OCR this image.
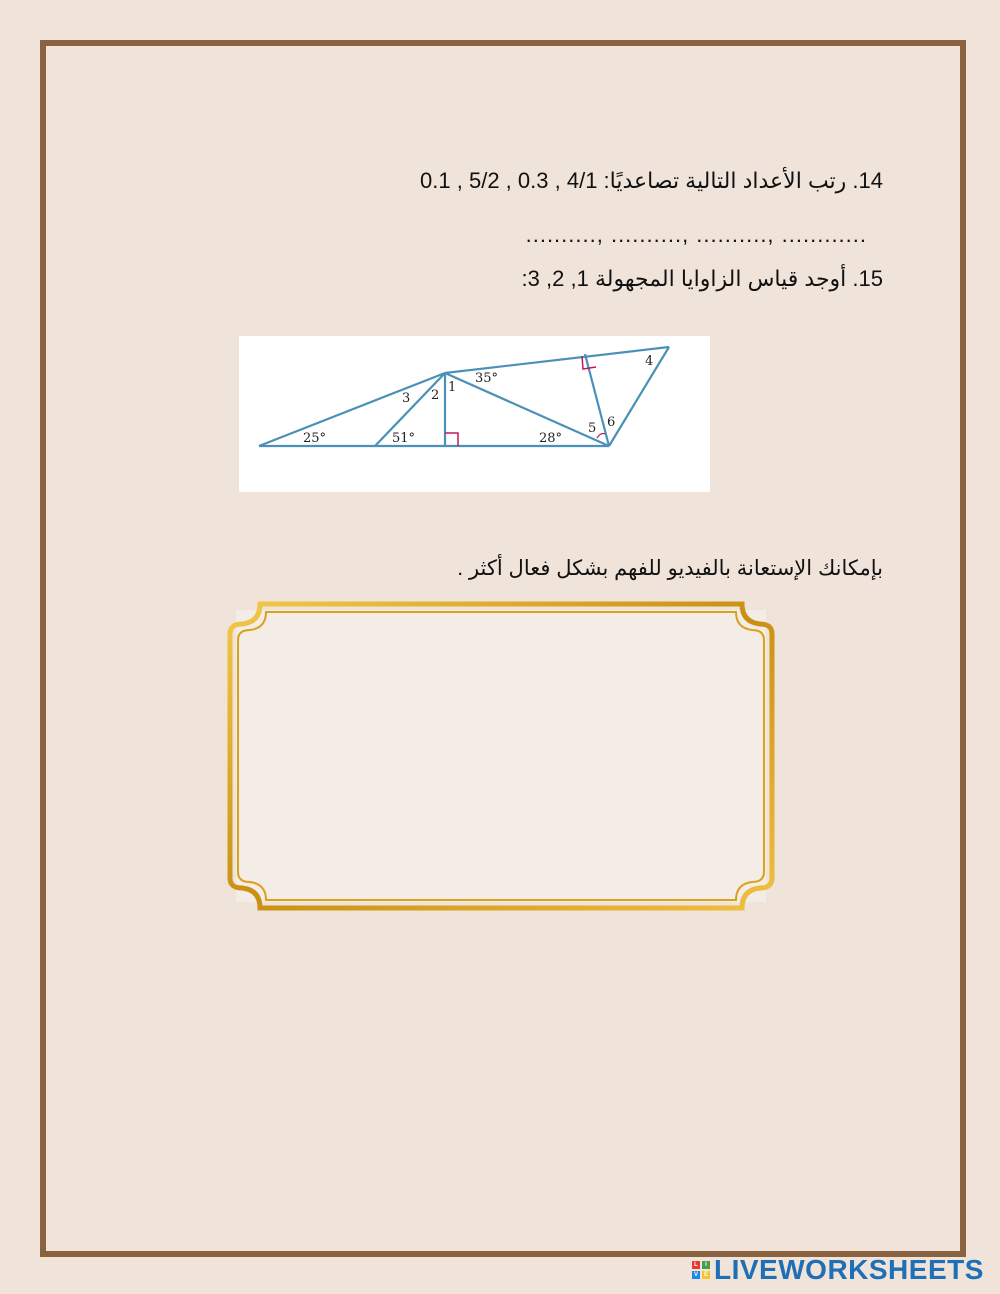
14. رتب الأعداد التالية تصاعديًا: 4/1 , 0.3 , 5/2 , 0.1
.........., .........., .........., ............
15. أوجد قياس الزاوايا المجهولة 1, 2, 3:
25°	51°
35°
28°
1
2
3
4
5 6
بإمكانك الإستعانة بالفيديو للفهم بشكل فعال أكثر .
L	I
V E LIVEWORKSHEETS
